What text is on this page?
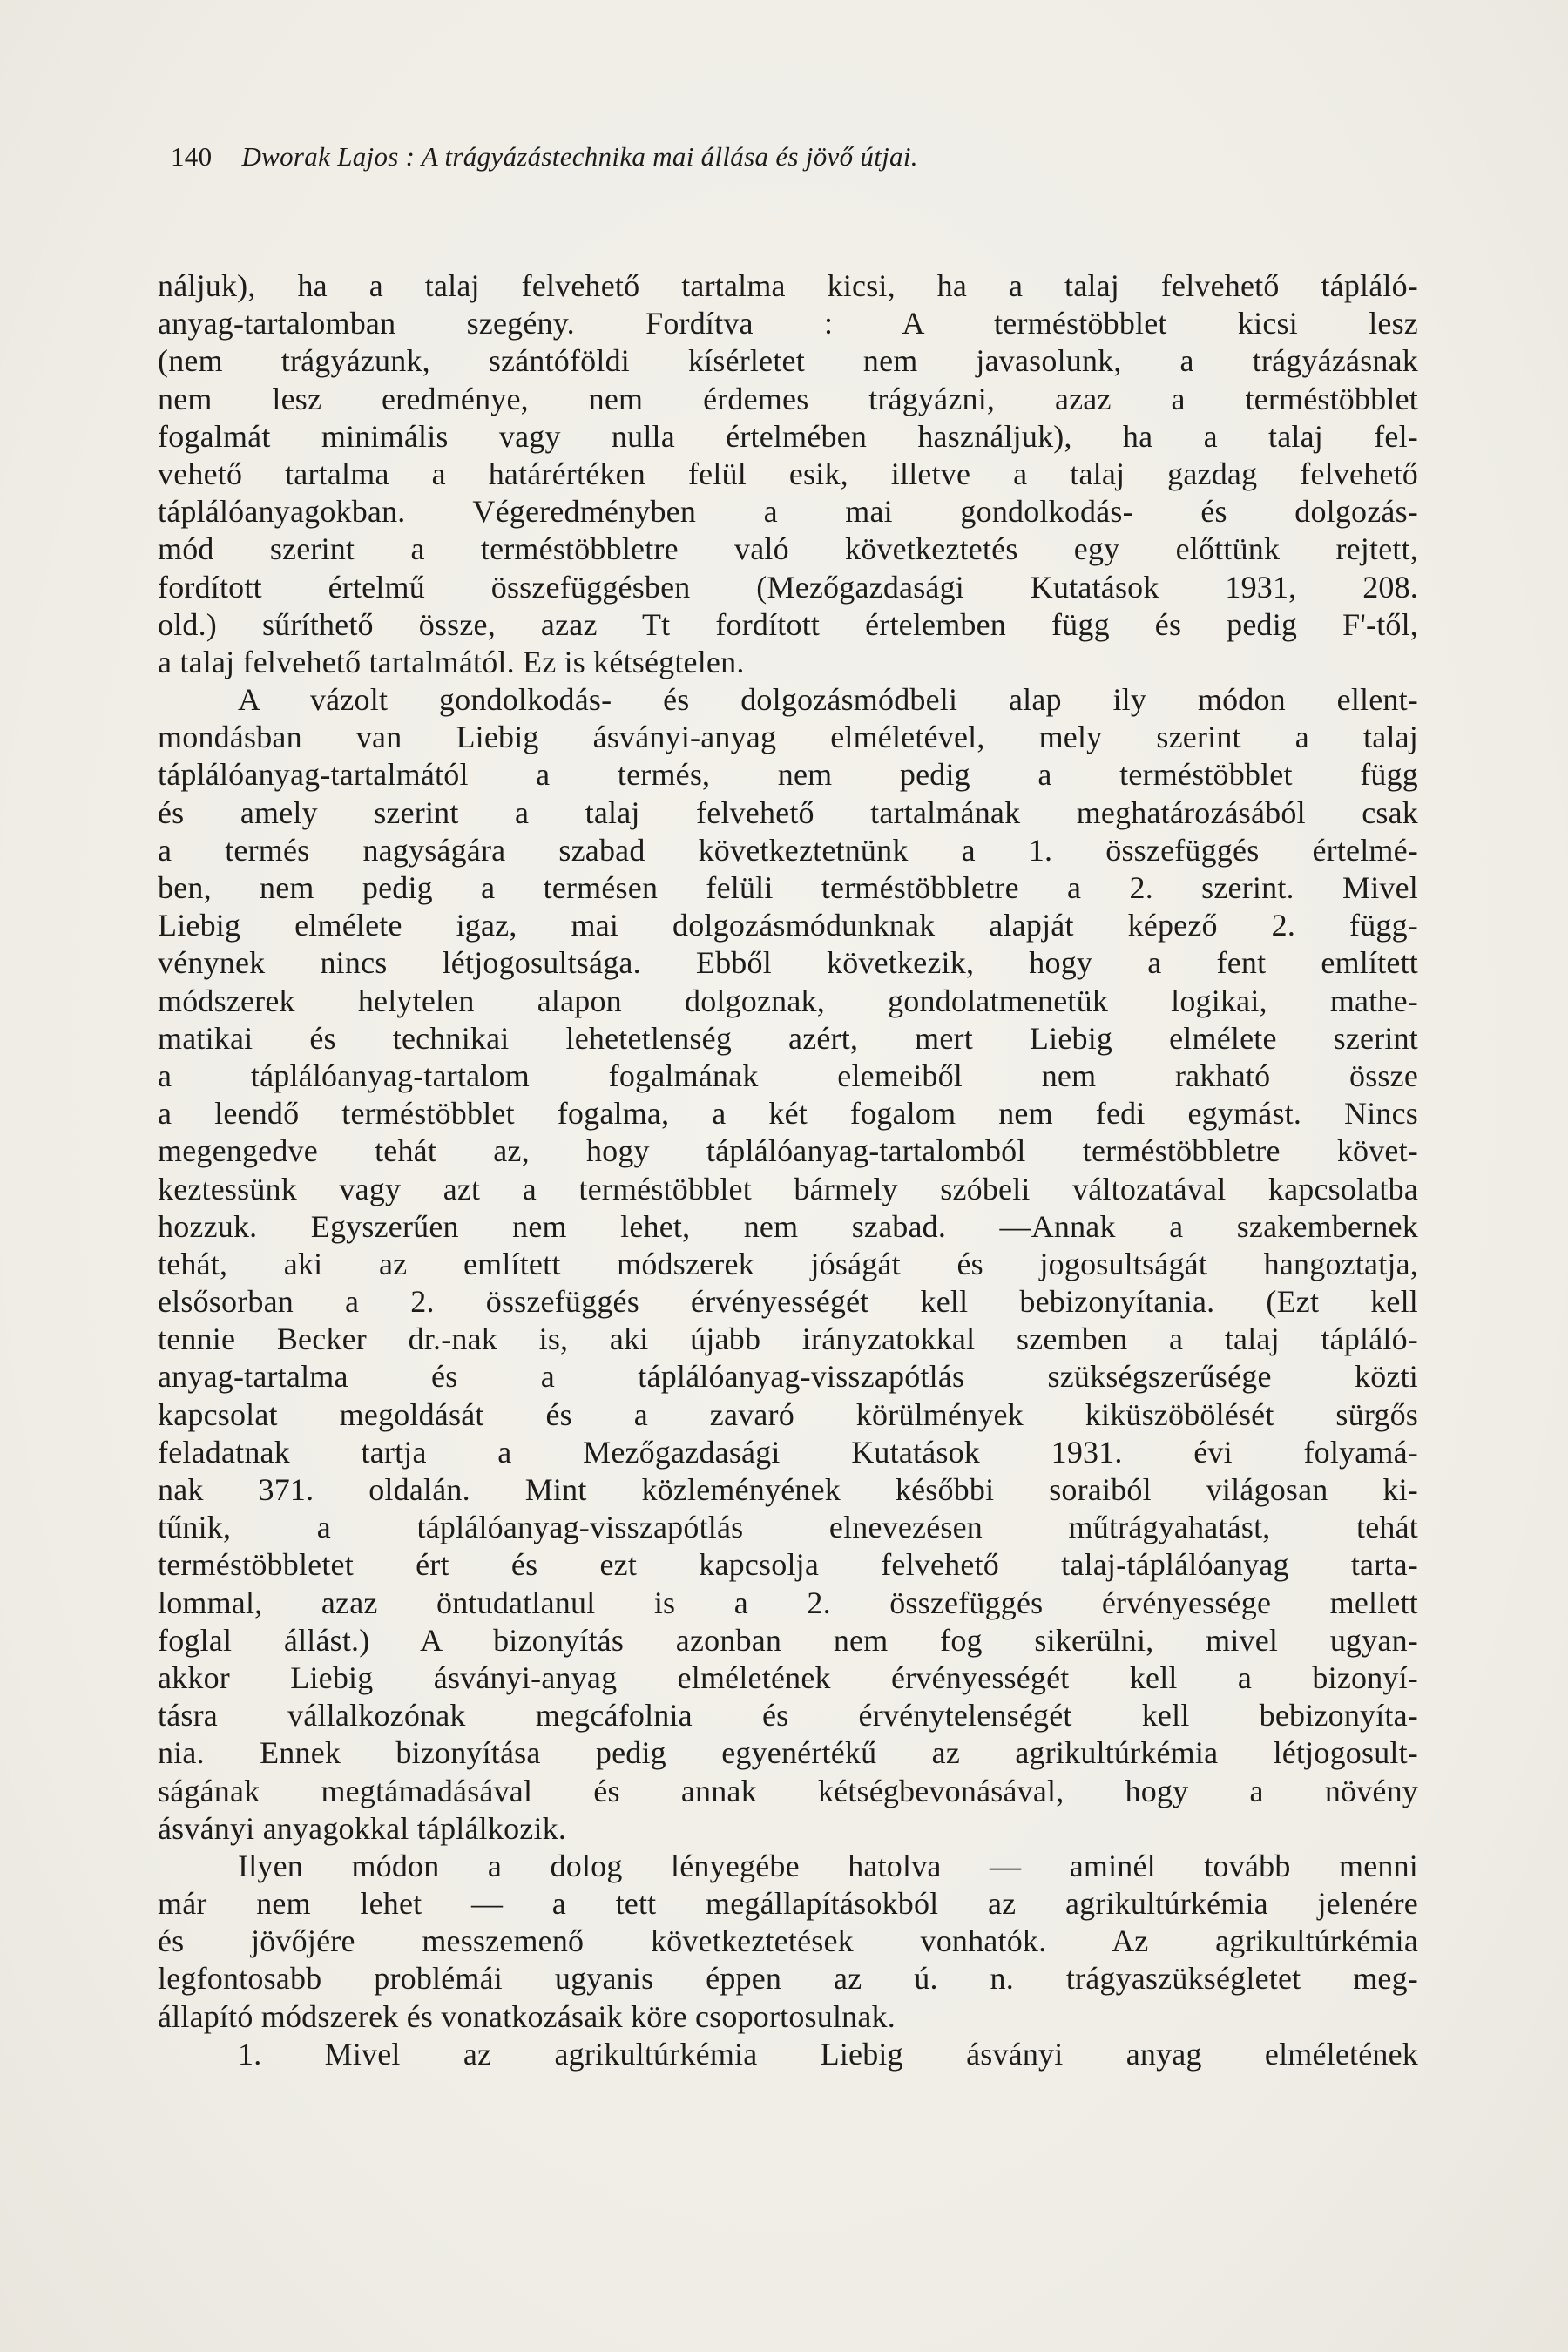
140 Dworak Lajos : A trágyázástechnika mai állása és jövő útjai.
náljuk), ha a talaj felvehető tartalma kicsi, ha a talaj felvehető tápláló-
anyag-tartalomban szegény. Fordítva : A terméstöbblet kicsi lesz
(nem trágyázunk, szántóföldi kísérletet nem javasolunk, a trágyázásnak
nem lesz eredménye, nem érdemes trágyázni, azaz a terméstöbblet
fogalmát minimális vagy nulla értelmében használjuk), ha a talaj fel-
vehető tartalma a határértéken felül esik, illetve a talaj gazdag felvehető
táplálóanyagokban. Végeredményben a mai gondolkodás- és dolgozás-
mód szerint a terméstöbbletre való következtetés egy előttünk rejtett,
fordított értelmű összefüggésben (Mezőgazdasági Kutatások 1931, 208.
old.) sűríthető össze, azaz Tt fordított értelemben függ és pedig F'-től,
a talaj felvehető tartalmától. Ez is kétségtelen.
A vázolt gondolkodás- és dolgozásmódbeli alap ily módon ellent-
mondásban van Liebig ásványi-anyag elméletével, mely szerint a talaj
táplálóanyag-tartalmától a termés, nem pedig a terméstöbblet függ
és amely szerint a talaj felvehető tartalmának meghatározásából csak
a termés nagyságára szabad következtetnünk a 1. összefüggés értelmé-
ben, nem pedig a termésen felüli terméstöbbletre a 2. szerint. Mivel
Liebig elmélete igaz, mai dolgozásmódunknak alapját képező 2. függ-
vénynek nincs létjogosultsága. Ebből következik, hogy a fent említett
módszerek helytelen alapon dolgoznak, gondolatmenetük logikai, mathe-
matikai és technikai lehetetlenség azért, mert Liebig elmélete szerint
a táplálóanyag-tartalom fogalmának elemeiből nem rakható össze
a leendő terméstöbblet fogalma, a két fogalom nem fedi egymást. Nincs
megengedve tehát az, hogy táplálóanyag-tartalomból terméstöbbletre követ-
keztessünk vagy azt a terméstöbblet bármely szóbeli változatával kapcsolatba
hozzuk. Egyszerűen nem lehet, nem szabad. —Annak a szakembernek
tehát, aki az említett módszerek jóságát és jogosultságát hangoztatja,
elsősorban a 2. összefüggés érvényességét kell bebizonyítania. (Ezt kell
tennie Becker dr.-nak is, aki újabb irányzatokkal szemben a talaj tápláló-
anyag-tartalma és a táplálóanyag-visszapótlás szükségszerűsége közti
kapcsolat megoldását és a zavaró körülmények kiküszöbölését sürgős
feladatnak tartja a Mezőgazdasági Kutatások 1931. évi folyamá-
nak 371. oldalán. Mint közleményének későbbi soraiból világosan ki-
tűnik, a táplálóanyag-visszapótlás elnevezésen műtrágyahatást, tehát
terméstöbbletet ért és ezt kapcsolja felvehető talaj-táplálóanyag tarta-
lommal, azaz öntudatlanul is a 2. összefüggés érvényessége mellett
foglal állást.) A bizonyítás azonban nem fog sikerülni, mivel ugyan-
akkor Liebig ásványi-anyag elméletének érvényességét kell a bizonyí-
tásra vállalkozónak megcáfolnia és érvénytelenségét kell bebizonyíta-
nia. Ennek bizonyítása pedig egyenértékű az agrikultúrkémia létjogosult-
ságának megtámadásával és annak kétségbevonásával, hogy a növény
ásványi anyagokkal táplálkozik.
Ilyen módon a dolog lényegébe hatolva — aminél tovább menni
már nem lehet — a tett megállapításokból az agrikultúrkémia jelenére
és jövőjére messzemenő következtetések vonhatók. Az agrikultúrkémia
legfontosabb problémái ugyanis éppen az ú. n. trágyaszükségletet meg-
állapító módszerek és vonatkozásaik köre csoportosulnak.
1. Mivel az agrikultúrkémia Liebig ásványi anyag elméletének
